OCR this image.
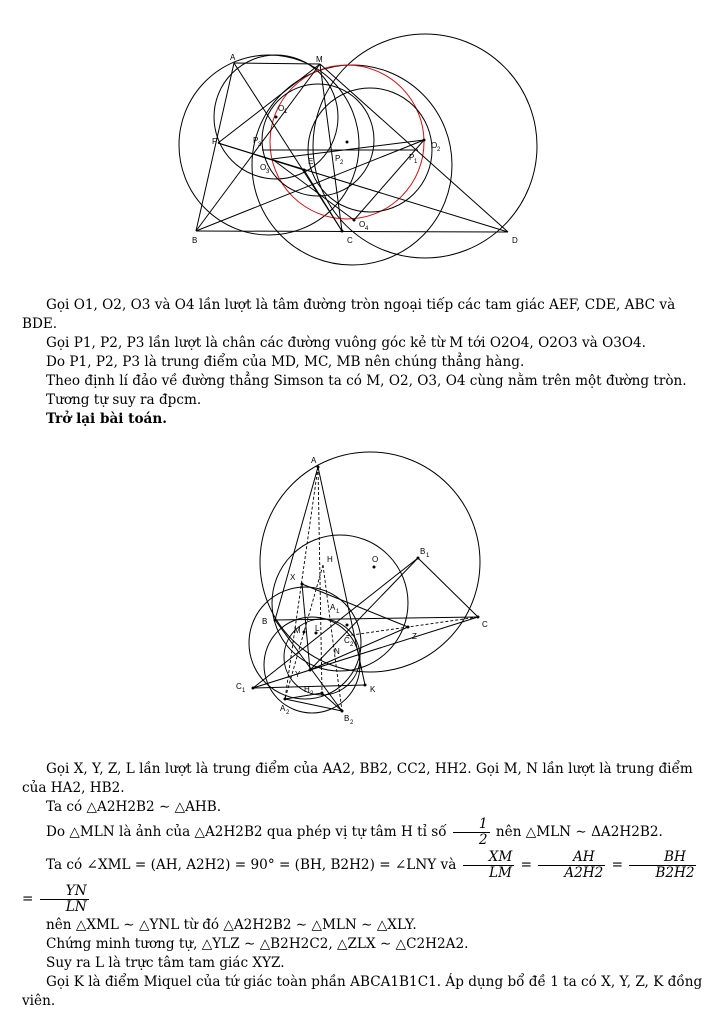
A	M
O 1
P 3
F
E	P 2
O 3
O 2
P 1
O 4
B	C	D

Gọi O1, O2, O3 và O4 lần lượt là tâm đường tròn ngoại tiếp các tam giác AEF, CDE, ABC và BDE.

Gọi P1, P2, P3 lần lượt là chân các đường vuông góc kẻ từ M tới O2O4, O2O3 và O3O4.

Do P1, P2, P3 là trung điểm của MD, MC, MB nên chúng thẳng hàng.

Theo định lí đảo về đường thẳng Simson ta có M, O2, O3, O4 cùng nằm trên một đường tròn.

Tương tự suy ra đpcm.

Trở lại bài toán.

A
B 1
H	O
X
A 1
B
M L
C 2
Z
C
N
Y
C 1	H 2	K
A 2
B 2

Gọi X, Y, Z, L lần lượt là trung điểm của AA2, BB2, CC2, HH2. Gọi M, N lần lượt là trung điểm

của HA2, HB2.

Ta có △A2H2B2 ∼ △AHB.

Do △MLN là ảnh của △A2H2B2 qua phép vị tự tâm H tỉ số $\frac{1}{2}$ nên △MLN ∼ ΔA2H2B2.

Ta có ∠XML = (AH, A2H2) = 90° = (BH, B2H2) = ∠LNY và $\frac{XM}{LM} = \frac{AH}{A2H2} = \frac{BH}{B2H2}$
= $\frac{YN}{LN}$

nên △XML ∼ △YNL từ đó △A2H2B2 ∼ △MLN ∼ △XLY.

Chứng minh tương tự, △YLZ ∼ △B2H2C2, △ZLX ∼ △C2H2A2.

Suy ra L là trực tâm tam giác XYZ.

Gọi K là điểm Miquel của tứ giác toàn phần ABCA1B1C1. Áp dụng bổ đề 1 ta có X, Y, Z, K đồng

viên.
